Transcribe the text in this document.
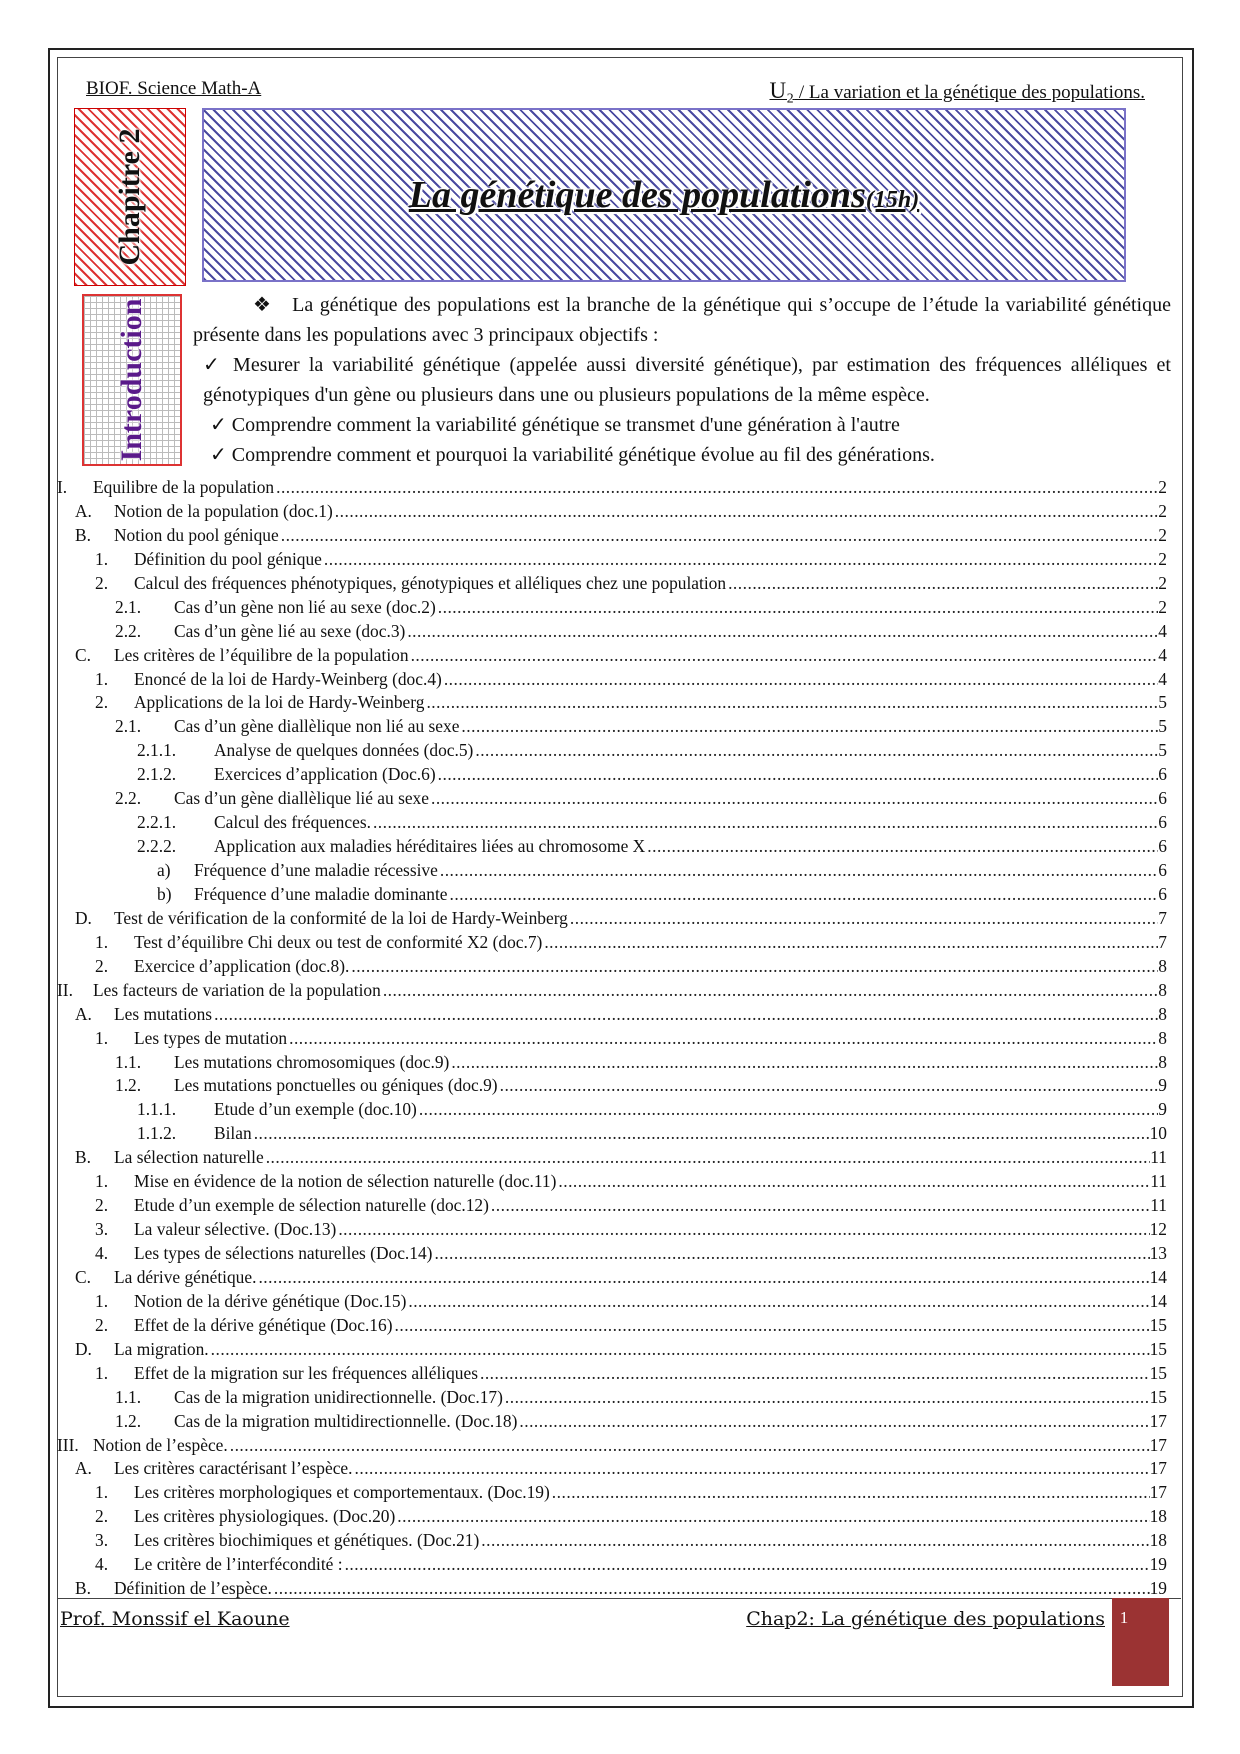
BIOF. Science Math-A	U₂ / La variation et la génétique des populations.
Chapitre 2	La génétique des populations(15h)
Introduction	❖ La génétique des populations est la branche de la génétique qui s’occupe de l’étude la variabilité génétique présente dans les populations avec 3 principaux objectifs :

✓ Mesurer la variabilité génétique (appelée aussi diversité génétique), par estimation des fréquences alléliques et génotypiques d'un gène ou plusieurs dans une ou plusieurs populations de la même espèce.

✓ Comprendre comment la variabilité génétique se transmet d'une génération à l'autre

✓ Comprendre comment et pourquoi la variabilité génétique évolue au fil des générations.

I. Equilibre de la population .....	2
A. Notion de la population (doc.1) .....	2
B. Notion du pool génique .....	2
1. Définition du pool génique .....	2
2. Calcul des fréquences phénotypiques, génotypiques et alléliques chez une population .....	2
2.1. Cas d’un gène non lié au sexe (doc.2) .....	2
2.2. Cas d’un gène lié au sexe (doc.3) .....	4
C. Les critères de l’équilibre de la population .....	4
1. Enoncé de la loi de Hardy-Weinberg (doc.4) .....	4
2. Applications de la loi de Hardy-Weinberg .....	5
2.1. Cas d’un gène diallèlique non lié au sexe .....	5
2.1.1. Analyse de quelques données (doc.5) .....	5
2.1.2. Exercices d’application (Doc.6) .....	6
2.2. Cas d’un gène diallèlique lié au sexe .....	6
2.2.1. Calcul des fréquences. .....	6
2.2.2. Application aux maladies héréditaires liées au chromosome X .....	6
a) Fréquence d’une maladie récessive .....	6
b) Fréquence d’une maladie dominante .....	6
D. Test de vérification de la conformité de la loi de Hardy-Weinberg .....	7
1. Test d’équilibre Chi deux ou test de conformité X2 (doc.7) .....	7
2. Exercice d’application (doc.8). .....	8
II. Les facteurs de variation de la population .....	8
A. Les mutations .....	8
1. Les types de mutation .....	8
1.1. Les mutations chromosomiques (doc.9) .....	8
1.2. Les mutations ponctuelles ou géniques (doc.9) .....	9
1.1.1. Etude d’un exemple (doc.10) .....	9
1.1.2. Bilan .....	10
B. La sélection naturelle .....	11
1. Mise en évidence de la notion de sélection naturelle (doc.11) .....	11
2. Etude d’un exemple de sélection naturelle (doc.12) .....	11
3. La valeur sélective. (Doc.13) .....	12
4. Les types de sélections naturelles (Doc.14) .....	13
C. La dérive génétique. .....	14
1. Notion de la dérive génétique (Doc.15) .....	14
2. Effet de la dérive génétique (Doc.16) .....	15
D. La migration. .....	15
1. Effet de la migration sur les fréquences alléliques .....	15
1.1. Cas de la migration unidirectionnelle. (Doc.17) .....	15
1.2. Cas de la migration multidirectionnelle. (Doc.18) .....	17
III. Notion de l’espèce. .....	17
A. Les critères caractérisant l’espèce. .....	17
1. Les critères morphologiques et comportementaux. (Doc.19) .....	17
2. Les critères physiologiques. (Doc.20) .....	18
3. Les critères biochimiques et génétiques. (Doc.21) .....	18
4. Le critère de l’interfécondité : .....	19
B. Définition de l’espèce. .....	19
Prof. Monssif el Kaoune	Chap2: La génétique des populations 1
